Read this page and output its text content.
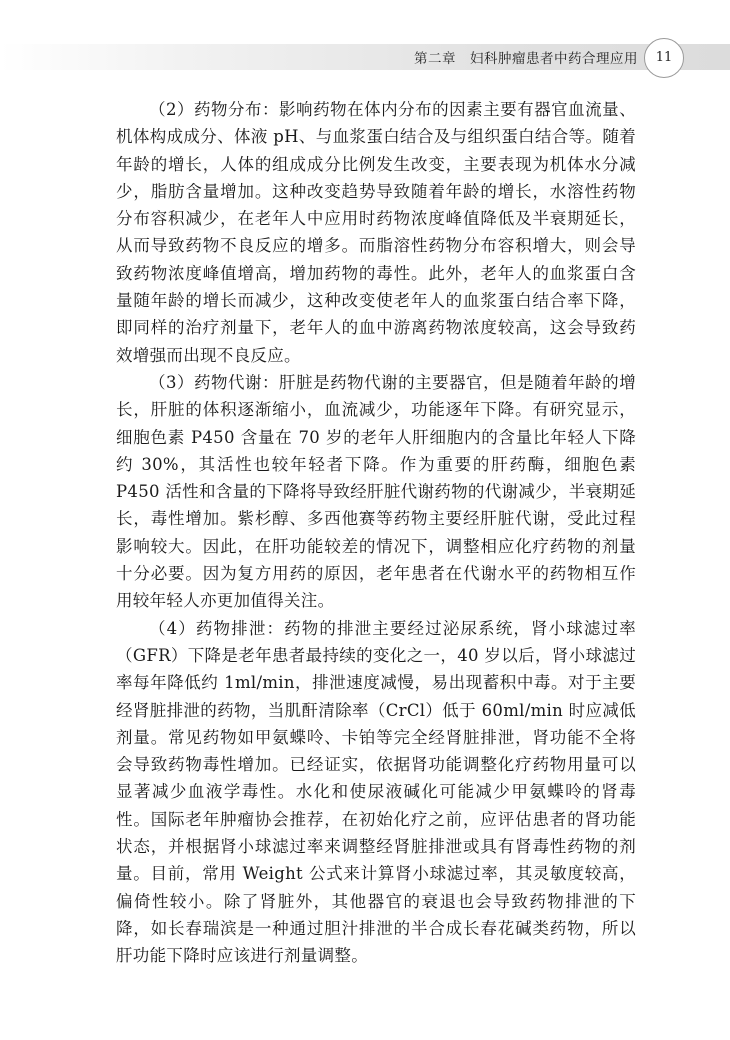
第二章　妇科肿瘤患者中药合理应用	11

（2）药物分布：影响药物在体内分布的因素主要有器官血流量、机体构成成分、体液 pH、与血浆蛋白结合及与组织蛋白结合等。随着年龄的增长，人体的组成成分比例发生改变，主要表现为机体水分减少，脂肪含量增加。这种改变趋势导致随着年龄的增长，水溶性药物分布容积减少，在老年人中应用时药物浓度峰值降低及半衰期延长，从而导致药物不良反应的增多。而脂溶性药物分布容积增大，则会导致药物浓度峰值增高，增加药物的毒性。此外，老年人的血浆蛋白含量随年龄的增长而减少，这种改变使老年人的血浆蛋白结合率下降，即同样的治疗剂量下，老年人的血中游离药物浓度较高，这会导致药效增强而出现不良反应。

（3）药物代谢：肝脏是药物代谢的主要器官，但是随着年龄的增长，肝脏的体积逐渐缩小，血流减少，功能逐年下降。有研究显示，细胞色素 P450 含量在 70 岁的老年人肝细胞内的含量比年轻人下降约 30%，其活性也较年轻者下降。作为重要的肝药酶，细胞色素 P450 活性和含量的下降将导致经肝脏代谢药物的代谢减少，半衰期延长，毒性增加。紫杉醇、多西他赛等药物主要经肝脏代谢，受此过程影响较大。因此，在肝功能较差的情况下，调整相应化疗药物的剂量十分必要。因为复方用药的原因，老年患者在代谢水平的药物相互作用较年轻人亦更加值得关注。

（4）药物排泄：药物的排泄主要经过泌尿系统，肾小球滤过率（GFR）下降是老年患者最持续的变化之一，40 岁以后，肾小球滤过率每年降低约 1ml/min，排泄速度减慢，易出现蓄积中毒。对于主要经肾脏排泄的药物，当肌酐清除率（CrCl）低于 60ml/min 时应减低剂量。常见药物如甲氨蝶呤、卡铂等完全经肾脏排泄，肾功能不全将会导致药物毒性增加。已经证实，依据肾功能调整化疗药物用量可以显著减少血液学毒性。水化和使尿液碱化可能减少甲氨蝶呤的肾毒性。国际老年肿瘤协会推荐，在初始化疗之前，应评估患者的肾功能状态，并根据肾小球滤过率来调整经肾脏排泄或具有肾毒性药物的剂量。目前，常用 Weight 公式来计算肾小球滤过率，其灵敏度较高，偏倚性较小。除了肾脏外，其他器官的衰退也会导致药物排泄的下降，如长春瑞滨是一种通过胆汁排泄的半合成长春花碱类药物，所以肝功能下降时应该进行剂量调整。
